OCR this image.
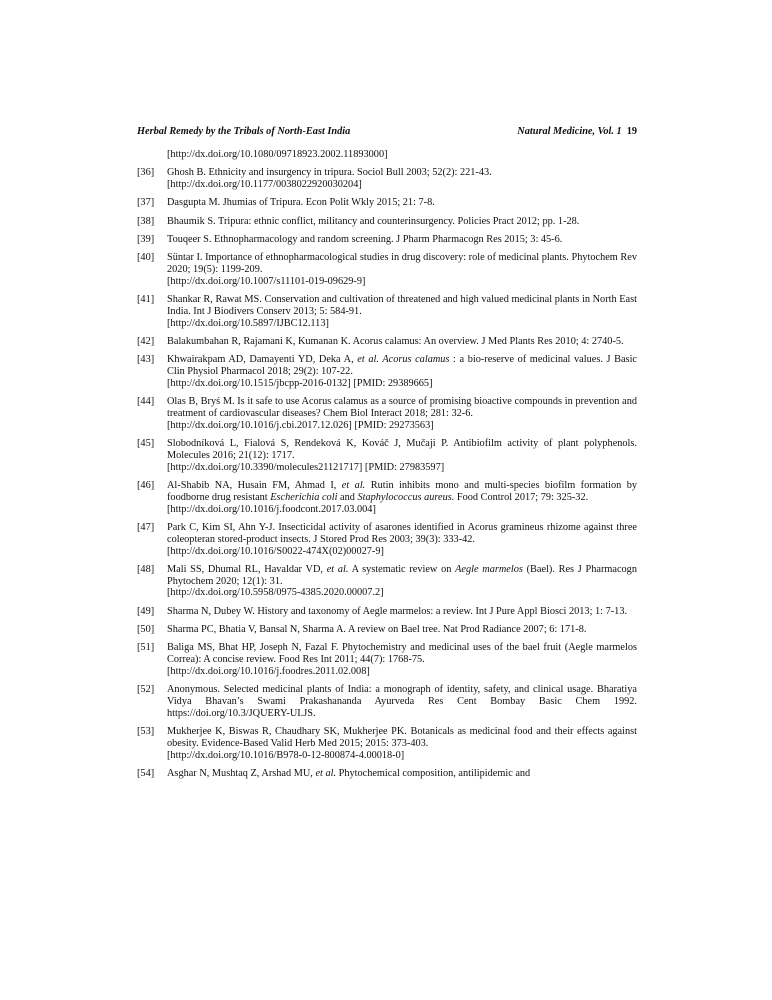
Herbal Remedy by the Tribals of North-East India	Natural Medicine, Vol. 1 19
[http://dx.doi.org/10.1080/09718923.2002.11893000]
[36]	Ghosh B. Ethnicity and insurgency in tripura. Sociol Bull 2003; 52(2): 221-43.
[http://dx.doi.org/10.1177/0038022920030204]
[37]	Dasgupta M. Jhumias of Tripura. Econ Polit Wkly 2015; 21: 7-8.
[38]	Bhaumik S. Tripura: ethnic conflict, militancy and counterinsurgency. Policies Pract 2012; pp. 1-28.
[39]	Touqeer S. Ethnopharmacology and random screening. J Pharm Pharmacogn Res 2015; 3: 45-6.
[40]	Süntar I. Importance of ethnopharmacological studies in drug discovery: role of medicinal plants. Phytochem Rev 2020; 19(5): 1199-209.
[http://dx.doi.org/10.1007/s11101-019-09629-9]
[41]	Shankar R, Rawat MS. Conservation and cultivation of threatened and high valued medicinal plants in North East India. Int J Biodivers Conserv 2013; 5: 584-91.
[http://dx.doi.org/10.5897/IJBC12.113]
[42]	Balakumbahan R, Rajamani K, Kumanan K. Acorus calamus: An overview. J Med Plants Res 2010; 4: 2740-5.
[43]	Khwairakpam AD, Damayenti YD, Deka A, et al. Acorus calamus : a bio-reserve of medicinal values. J Basic Clin Physiol Pharmacol 2018; 29(2): 107-22.
[http://dx.doi.org/10.1515/jbcpp-2016-0132] [PMID: 29389665]
[44]	Olas B, Bryś M. Is it safe to use Acorus calamus as a source of promising bioactive compounds in prevention and treatment of cardiovascular diseases? Chem Biol Interact 2018; 281: 32-6.
[http://dx.doi.org/10.1016/j.cbi.2017.12.026] [PMID: 29273563]
[45]	Slobodníková L, Fialová S, Rendeková K, Kováč J, Mučaji P. Antibiofilm activity of plant polyphenols. Molecules 2016; 21(12): 1717.
[http://dx.doi.org/10.3390/molecules21121717] [PMID: 27983597]
[46]	Al-Shabib NA, Husain FM, Ahmad I, et al. Rutin inhibits mono and multi-species biofilm formation by foodborne drug resistant Escherichia coli and Staphylococcus aureus. Food Control 2017; 79: 325-32.
[http://dx.doi.org/10.1016/j.foodcont.2017.03.004]
[47]	Park C, Kim SI, Ahn Y-J. Insecticidal activity of asarones identified in Acorus gramineus rhizome against three coleopteran stored-product insects. J Stored Prod Res 2003; 39(3): 333-42.
[http://dx.doi.org/10.1016/S0022-474X(02)00027-9]
[48]	Mali SS, Dhumal RL, Havaldar VD, et al. A systematic review on Aegle marmelos (Bael). Res J Pharmacogn Phytochem 2020; 12(1): 31.
[http://dx.doi.org/10.5958/0975-4385.2020.00007.2]
[49]	Sharma N, Dubey W. History and taxonomy of Aegle marmelos: a review. Int J Pure Appl Biosci 2013; 1: 7-13.
[50]	Sharma PC, Bhatia V, Bansal N, Sharma A. A review on Bael tree. Nat Prod Radiance 2007; 6: 171-8.
[51]	Baliga MS, Bhat HP, Joseph N, Fazal F. Phytochemistry and medicinal uses of the bael fruit (Aegle marmelos Correa): A concise review. Food Res Int 2011; 44(7): 1768-75.
[http://dx.doi.org/10.1016/j.foodres.2011.02.008]
[52]	Anonymous. Selected medicinal plants of India: a monograph of identity, safety, and clinical usage. Bharatiya Vidya Bhavan’s Swami Prakashananda Ayurveda Res Cent Bombay Basic Chem 1992. https://doi.org/10.3/JQUERY-UI.JS.
[53]	Mukherjee K, Biswas R, Chaudhary SK, Mukherjee PK. Botanicals as medicinal food and their effects against obesity. Evidence-Based Valid Herb Med 2015; 2015: 373-403.
[http://dx.doi.org/10.1016/B978-0-12-800874-4.00018-0]
[54]	Asghar N, Mushtaq Z, Arshad MU, et al. Phytochemical composition, antilipidemic and
